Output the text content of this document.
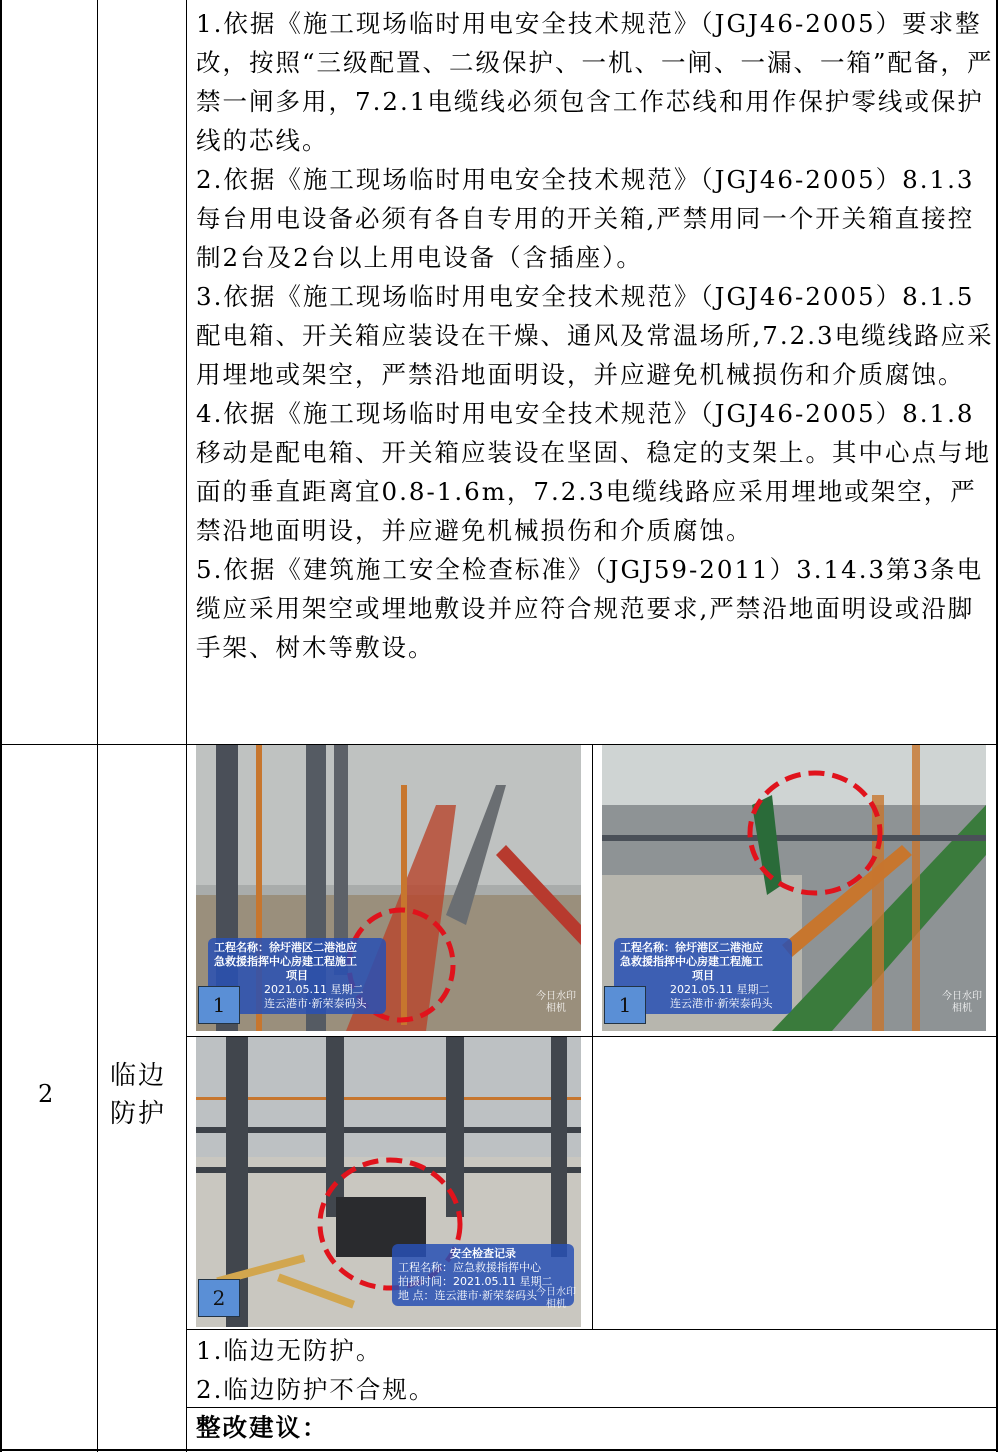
1.依据《施工现场临时用电安全技术规范》（JGJ46-2005）要求整改，按照“三级配置、二级保护、一机、一闸、一漏、一箱”配备，严禁一闸多用，7.2.1电缆线必须包含工作芯线和用作保护零线或保护线的芯线。

2.依据《施工现场临时用电安全技术规范》（JGJ46-2005）8.1.3每台用电设备必须有各自专用的开关箱,严禁用同一个开关箱直接控制2台及2台以上用电设备（含插座）。

3.依据《施工现场临时用电安全技术规范》（JGJ46-2005）8.1.5配电箱、开关箱应装设在干燥、通风及常温场所,7.2.3电缆线路应采用埋地或架空，严禁沿地面明设，并应避免机械损伤和介质腐蚀。

4.依据《施工现场临时用电安全技术规范》（JGJ46-2005）8.1.8移动是配电箱、开关箱应装设在坚固、稳定的支架上。其中心点与地面的垂直距离宜0.8-1.6m，7.2.3电缆线路应采用埋地或架空，严禁沿地面明设，并应避免机械损伤和介质腐蚀。

5.依据《建筑施工安全检查标准》（JGJ59-2011）3.14.3第3条电缆应采用架空或埋地敷设并应符合规范要求,严禁沿地面明设或沿脚手架、树木等敷设。

2
临边防护
工程名称：徐圩港区二港池应
急救援指挥中心房建工程施工
项目
2021.05.11 星期二
连云港市·新荣泰码头
1	今日水印
相机
工程名称：徐圩港区二港池应
急救援指挥中心房建工程施工
项目
2021.05.11 星期二
连云港市·新荣泰码头
1	今日水印
相机
安全检查记录
工程名称：应急救援指挥中心
拍摄时间：2021.05.11 星期二
地 点：连云港市·新荣泰码头
2	今日水印
相机

1.临边无防护。

2.临边防护不合规。

整改建议：
